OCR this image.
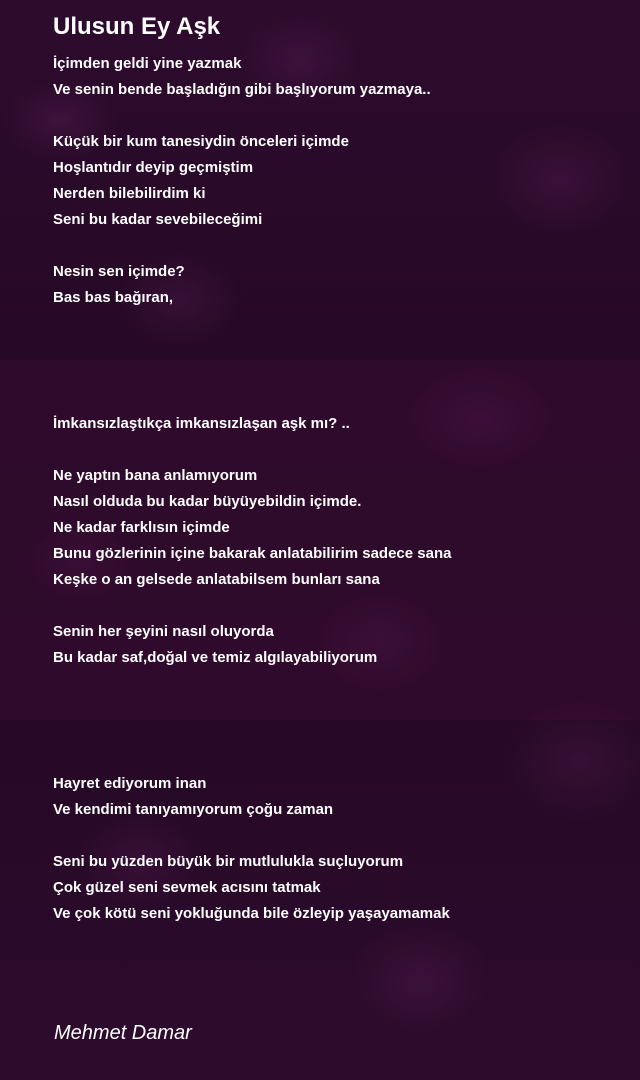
Ulusun Ey Aşk
İçimden geldi yine yazmak
Ve senin bende başladığın gibi başlıyorum yazmaya..
Küçük bir kum tanesiydin önceleri içimde
Hoşlantıdır deyip geçmiştim
Nerden bilebilirdim ki
Seni bu kadar sevebileceğimi
Nesin sen içimde?
Bas bas bağıran,
İmkansızlaştıkça imkansızlaşan aşk mı? ..
Ne yaptın bana anlamıyorum
Nasıl olduda bu kadar büyüyebildin içimde.
Ne kadar farklısın içimde
Bunu gözlerinin içine bakarak anlatabilirim sadece sana
Keşke o an gelsede anlatabilsem bunları sana
Senin her şeyini nasıl oluyorda
Bu kadar saf,doğal ve temiz algılayabiliyorum
Hayret ediyorum inan
Ve kendimi tanıyamıyorum çoğu zaman
Seni bu yüzden büyük bir mutlulukla suçluyorum
Çok güzel seni sevmek acısını tatmak
Ve çok kötü seni yokluğunda bile özleyip yaşayamamak
Mehmet Damar
